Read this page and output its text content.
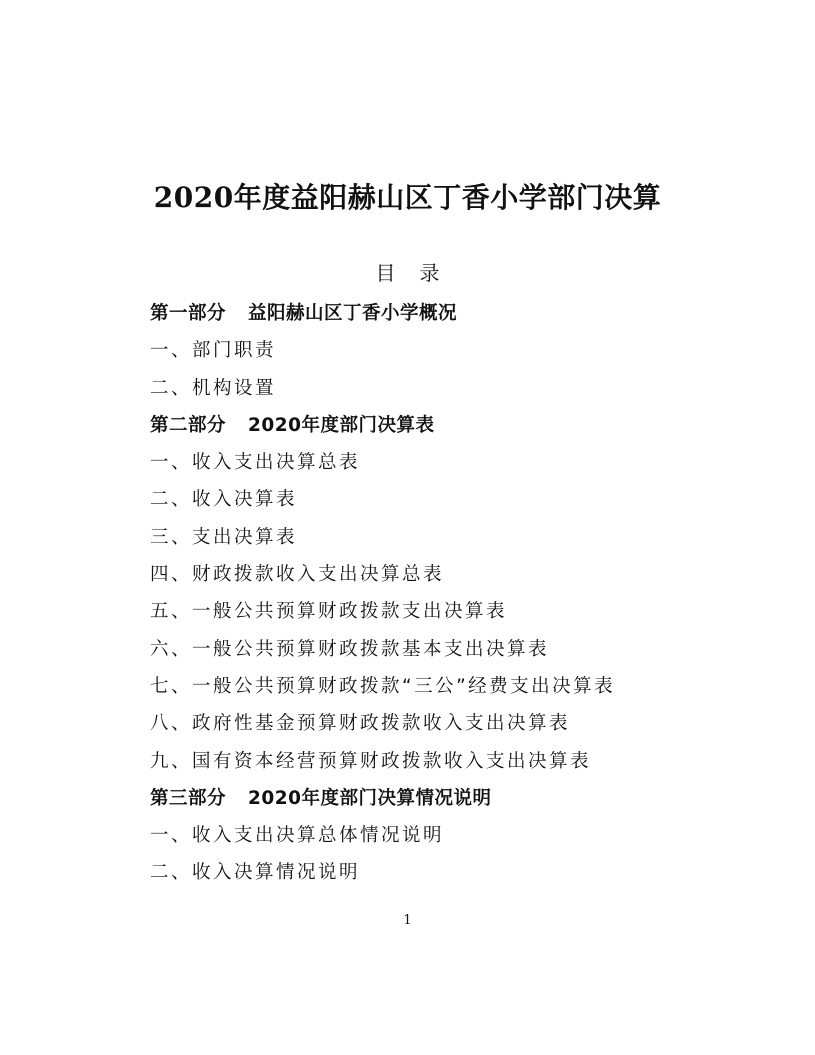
2020年度益阳赫山区丁香小学部门决算
目录
第一部分 益阳赫山区丁香小学概况
一、部门职责
二、机构设置
第二部分 2020年度部门决算表
一、收入支出决算总表
二、收入决算表
三、支出决算表
四、财政拨款收入支出决算总表
五、一般公共预算财政拨款支出决算表
六、一般公共预算财政拨款基本支出决算表
七、一般公共预算财政拨款“三公”经费支出决算表
八、政府性基金预算财政拨款收入支出决算表
九、国有资本经营预算财政拨款收入支出决算表
第三部分 2020年度部门决算情况说明
一、收入支出决算总体情况说明
二、收入决算情况说明
1
